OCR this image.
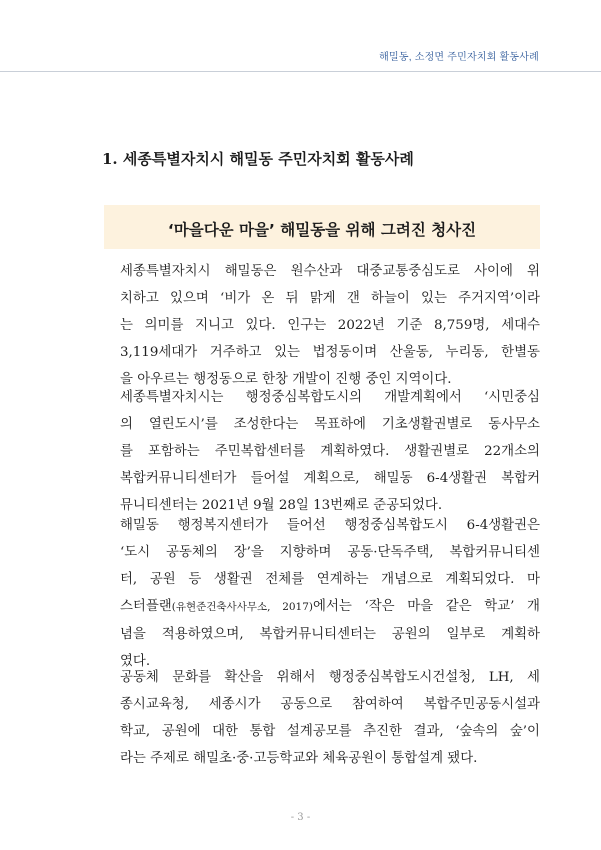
해밀동, 소정면 주민자치회 활동사례
1. 세종특별자치시 해밀동 주민자치회 활동사례
‘마을다운 마을’ 해밀동을 위해 그려진 청사진
세종특별자치시 해밀동은 원수산과 대중교통중심도로 사이에 위
치하고 있으며 ‘비가 온 뒤 맑게 갠 하늘이 있는 주거지역’이라
는 의미를 지니고 있다. 인구는 2022년 기준 8,759명, 세대수
3,119세대가 거주하고 있는 법정동이며 산울동, 누리동, 한별동
을 아우르는 행정동으로 한창 개발이 진행 중인 지역이다.
세종특별자치시는 행정중심복합도시의 개발계획에서 ‘시민중심
의 열린도시’를 조성한다는 목표하에 기초생활권별로 동사무소
를 포함하는 주민복합센터를 계획하였다. 생활권별로 22개소의
복합커뮤니티센터가 들어설 계획으로, 해밀동 6-4생활권 복합커
뮤니티센터는 2021년 9월 28일 13번째로 준공되었다.
해밀동 행정복지센터가 들어선 행정중심복합도시 6-4생활권은
‘도시 공동체의 장’을 지향하며 공동·단독주택, 복합커뮤니티센
터, 공원 등 생활권 전체를 연계하는 개념으로 계획되었다. 마
스터플랜(유현준건축사사무소, 2017)에서는 ‘작은 마을 같은 학교’ 개
념을 적용하였으며, 복합커뮤니티센터는 공원의 일부로 계획하
였다.
공동체 문화를 확산을 위해서 행정중심복합도시건설청, LH, 세
종시교육청, 세종시가 공동으로 참여하여 복합주민공동시설과
학교, 공원에 대한 통합 설계공모를 추진한 결과, ‘숲속의 숲’이
라는 주제로 해밀초·중·고등학교와 체육공원이 통합설계 됐다.
- 3 -
